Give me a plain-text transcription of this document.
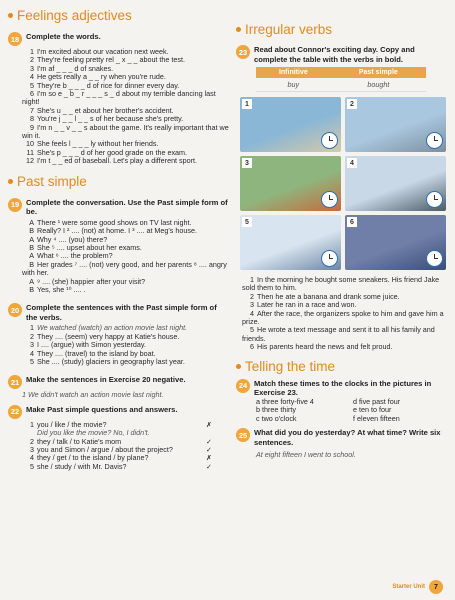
Feelings adjectives
18 Complete the words.
1 I'm excited about our vacation next week.
2 They're feeling pretty rel _ x _ _ about the test.
3 I'm af _ _ _ d of snakes.
4 He gets really a _ _ ry when you're rude.
5 They're b _ _ _ d of rice for dinner every day.
6 I'm so e _ b _ r _ _ _ s _ d about my terrible dancing last night!
7 She's u _ _ et about her brother's accident.
8 You're j _ _ l _ _ s of her because she's pretty.
9 I'm n _ _ v _ _ s about the game. It's really important that we win it.
10 She feels l _ _ _ ly without her friends.
11 She's p _ _ _ d of her good grade on the exam.
12 I'm t _ _ ed of baseball. Let's play a different sport.
Past simple
19 Complete the conversation. Use the Past simple form of be.
A There ¹ were some good shows on TV last night.
B Really? I ² .... (not) at home. I ³ .... at Meg's house.
A Why ⁴ .... (you) there?
B She ⁵ .... upset about her exams.
A What ⁶ .... the problem?
B Her grades ⁷ .... (not) very good, and her parents ⁸ .... angry with her.
A ⁹ .... (she) happier after your visit?
B Yes, she ¹⁰ .... .
20 Complete the sentences with the Past simple form of the verbs.
1 We watched (watch) an action movie last night.
2 They .... (seem) very happy at Katie's house.
3 I .... (argue) with Simon yesterday.
4 They .... (travel) to the island by boat.
5 She .... (study) glaciers in geography last year.
21 Make the sentences in Exercise 20 negative.
1 We didn't watch an action movie last night.
22 Make Past simple questions and answers.
1 you / like / the movie?	✗
Did you like the movie? No, I didn't.
2 they / talk / to Katie's mom	✓
3 you and Simon / argue / about the project?	✓
4 they / get / to the island / by plane?	✗
5 she / study / with Mr. Davis?	✓
Irregular verbs
23 Read about Connor's exciting day. Copy and complete the table with the verbs in bold.
Infinitive	Past simple
buy	bought
1	2
3	4
5	6
1 In the morning he bought some sneakers. His friend Jake sold them to him.
2 Then he ate a banana and drank some juice.
3 Later he ran in a race and won.
4 After the race, the organizers spoke to him and gave him a prize.
5 He wrote a text message and sent it to all his family and friends.
6 His parents heard the news and felt proud.
Telling the time
24 Match these times to the clocks in the pictures in Exercise 23.
a three forty-five 4	d five past four
b three thirty	e ten to four
c two o'clock	f eleven fifteen
25 What did you do yesterday? At what time? Write six sentences.
At eight fifteen I went to school.
Starter Unit	7
